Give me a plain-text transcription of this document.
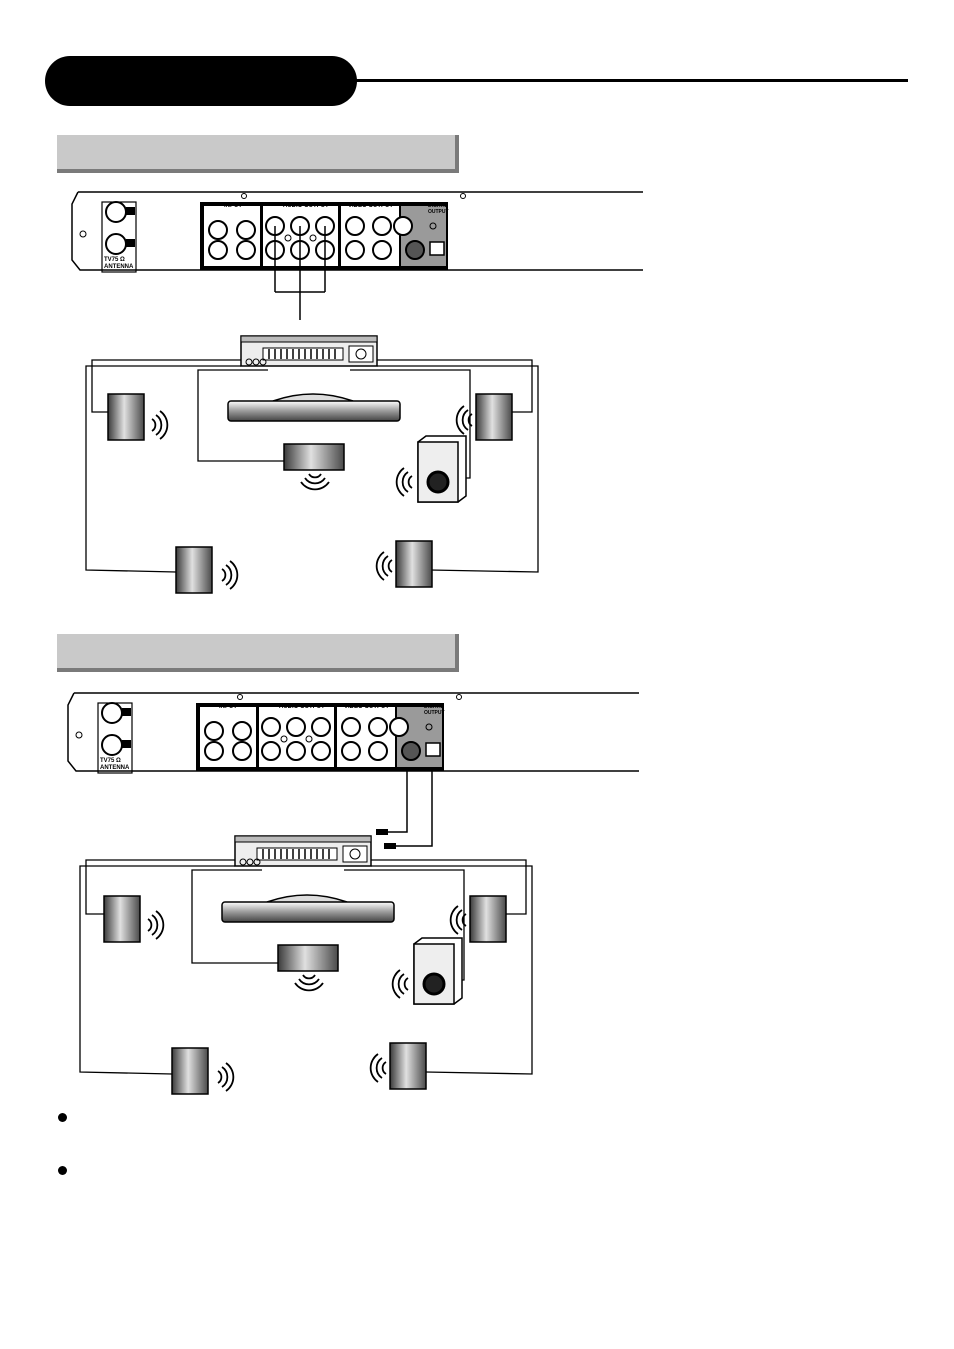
INPUT	AUDIO OUTPUT	VIDEO OUTPUT	DIGITAL OUTPUT
TV75 Ω ANTENNA
INPUT	AUDIO OUTPUT	VIDEO OUTPUT	DIGITAL OUTPUT
TV75 Ω ANTENNA
